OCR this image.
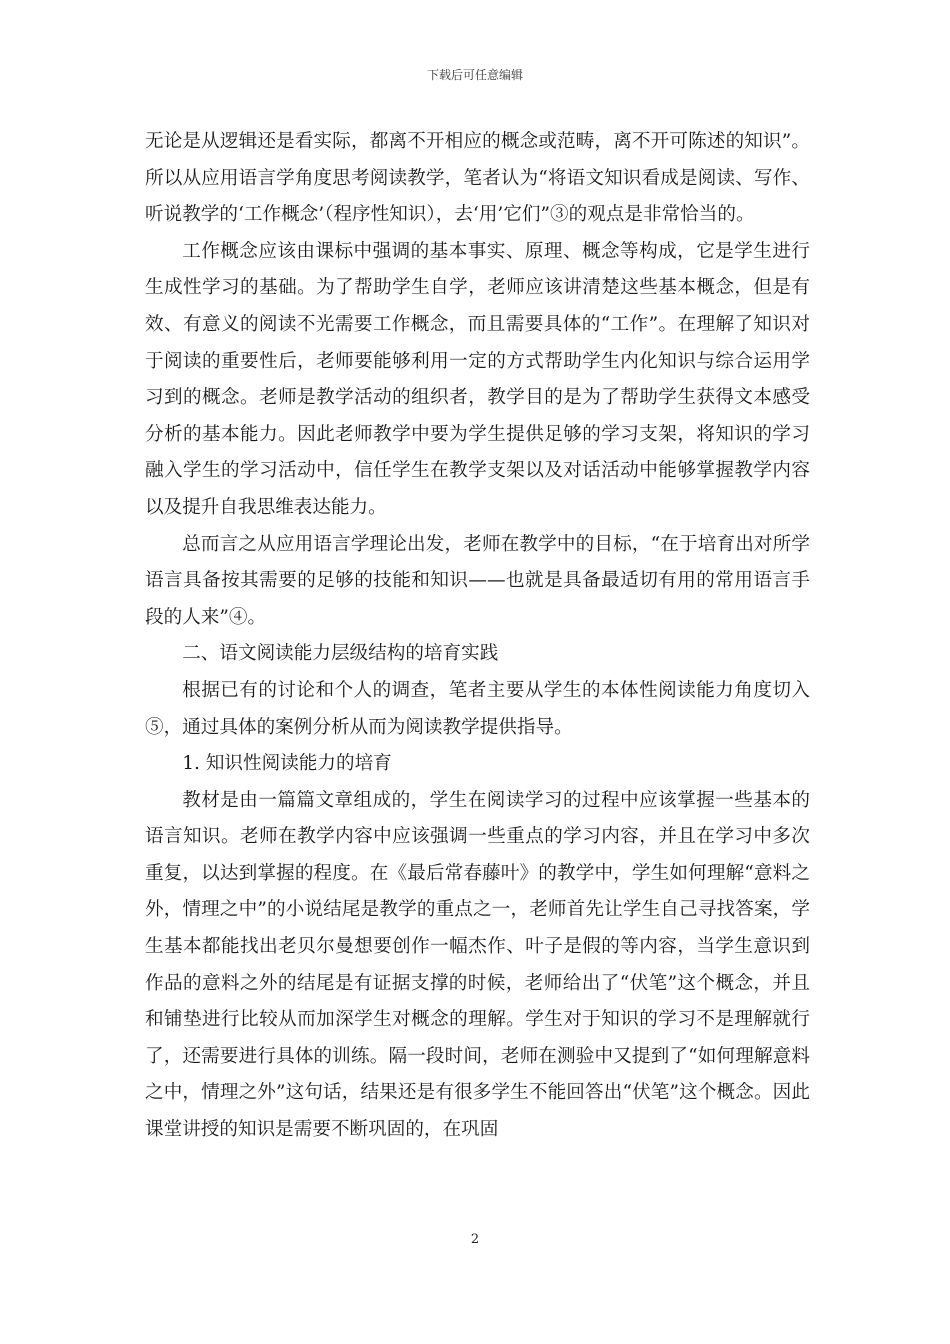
下载后可任意编辑

无论是从逻辑还是看实际，都离不开相应的概念或范畴，离不开可陈述的知识”。所以从应用语言学角度思考阅读教学，笔者认为“将语文知识看成是阅读、写作、听说教学的‘工作概念’（程序性知识），去‘用’它们”③的观点是非常恰当的。

工作概念应该由课标中强调的基本事实、原理、概念等构成，它是学生进行生成性学习的基础。为了帮助学生自学，老师应该讲清楚这些基本概念，但是有效、有意义的阅读不光需要工作概念，而且需要具体的“工作”。在理解了知识对于阅读的重要性后，老师要能够利用一定的方式帮助学生内化知识与综合运用学习到的概念。老师是教学活动的组织者，教学目的是为了帮助学生获得文本感受分析的基本能力。因此老师教学中要为学生提供足够的学习支架，将知识的学习融入学生的学习活动中，信任学生在教学支架以及对话活动中能够掌握教学内容以及提升自我思维表达能力。

总而言之从应用语言学理论出发，老师在教学中的目标，“在于培育出对所学语言具备按其需要的足够的技能和知识——也就是具备最适切有用的常用语言手段的人来”④。

二、语文阅读能力层级结构的培育实践

根据已有的讨论和个人的调查，笔者主要从学生的本体性阅读能力角度切入⑤，通过具体的案例分析从而为阅读教学提供指导。

1. 知识性阅读能力的培育

教材是由一篇篇文章组成的，学生在阅读学习的过程中应该掌握一些基本的语言知识。老师在教学内容中应该强调一些重点的学习内容，并且在学习中多次重复，以达到掌握的程度。在《最后常春藤叶》的教学中，学生如何理解“意料之外，情理之中”的小说结尾是教学的重点之一，老师首先让学生自己寻找答案，学生基本都能找出老贝尔曼想要创作一幅杰作、叶子是假的等内容，当学生意识到作品的意料之外的结尾是有证据支撑的时候，老师给出了“伏笔”这个概念，并且和铺垫进行比较从而加深学生对概念的理解。学生对于知识的学习不是理解就行了，还需要进行具体的训练。隔一段时间，老师在测验中又提到了“如何理解意料之中，情理之外”这句话，结果还是有很多学生不能回答出“伏笔”这个概念。因此课堂讲授的知识是需要不断巩固的，在巩固

2
